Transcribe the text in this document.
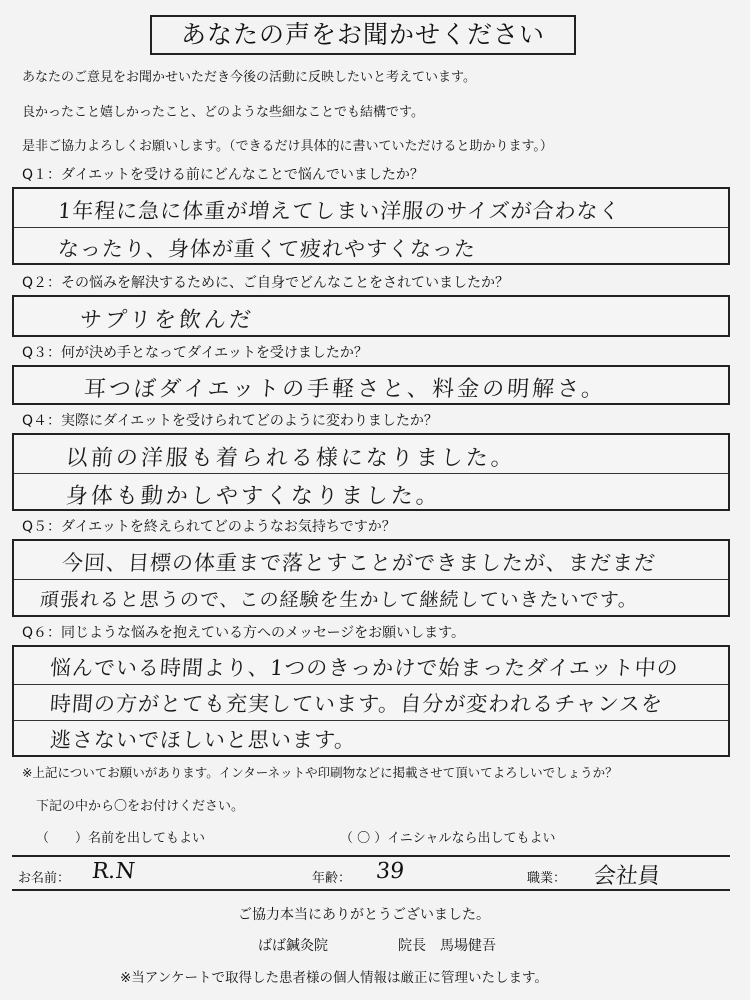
あなたの声をお聞かせください
あなたのご意見をお聞かせいただき今後の活動に反映したいと考えています。
良かったこと嬉しかったこと、どのような些細なことでも結構です。
是非ご協力よろしくお願いします。（できるだけ具体的に書いていただけると助かります。）
Q１：ダイエットを受ける前にどんなことで悩んでいましたか？
1年程に急に体重が増えてしまい洋服のサイズが合わなく
なったり、身体が重くて疲れやすくなった
Q２：その悩みを解決するために、ご自身でどんなことをされていましたか？
サプリを飲んだ
Q３：何が決め手となってダイエットを受けましたか？
耳つぼダイエットの手軽さと、料金の明解さ。
Q４：実際にダイエットを受けられてどのように変わりましたか？
以前の洋服も着られる様になりました。
身体も動かしやすくなりました。
Q５：ダイエットを終えられてどのようなお気持ちですか？
今回、目標の体重まで落とすことができましたが、まだまだ
頑張れると思うので、この経験を生かして継続していきたいです。
Q６：同じような悩みを抱えている方へのメッセージをお願いします。
悩んでいる時間より、1つのきっかけで始まったダイエット中の
時間の方がとても充実しています。自分が変われるチャンスを
逃さないでほしいと思います。
※上記についてお願いがあります。インターネットや印刷物などに掲載させて頂いてよろしいでしょうか？
下記の中から〇をお付けください。
（　　）名前を出してもよい	（ 〇 ）イニシャルなら出してもよい
お名前： R.N	年齢： 39	職業： 会社員
ご協力本当にありがとうございました。
ばば鍼灸院	院長　馬場健吾
※当アンケートで取得した患者様の個人情報は厳正に管理いたします。
